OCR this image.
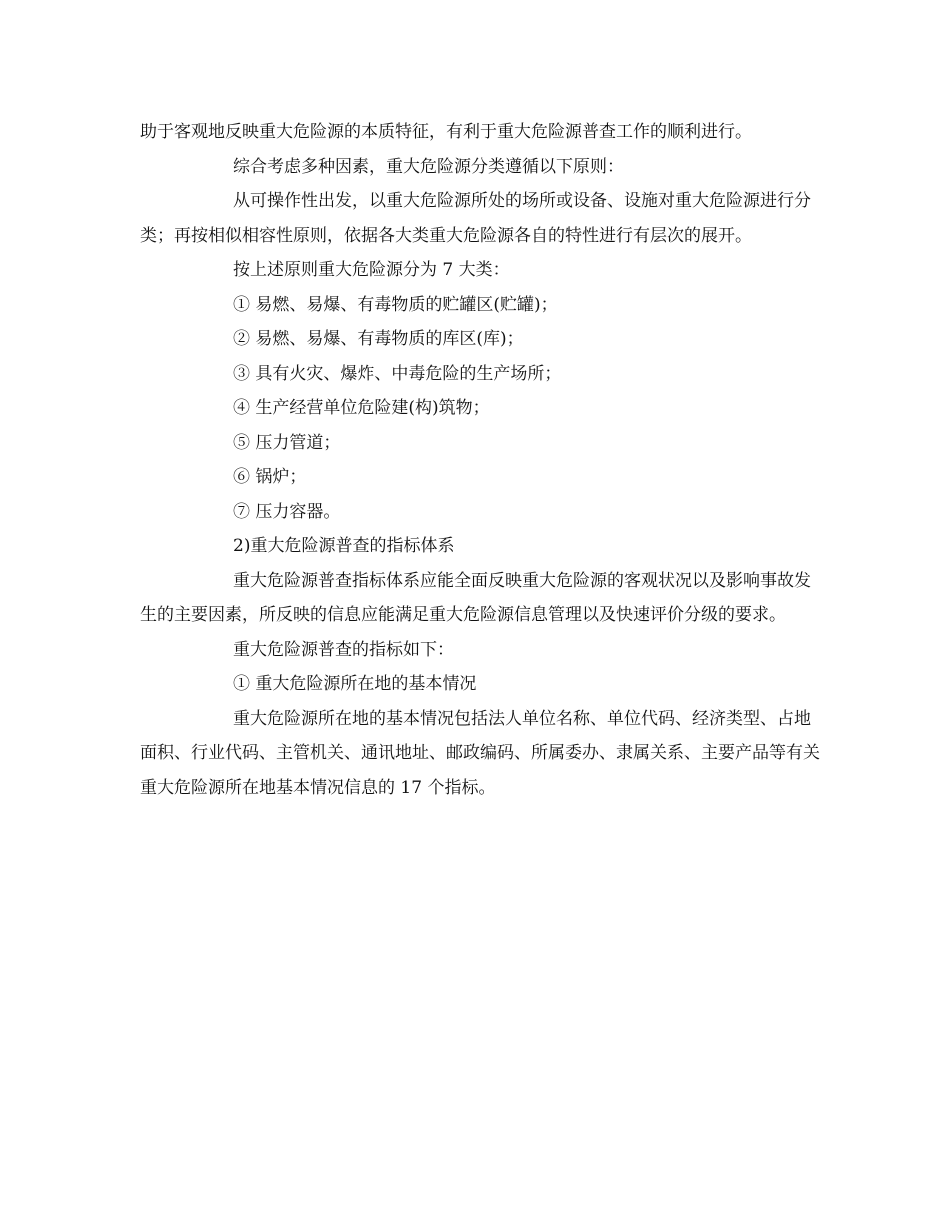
助于客观地反映重大危险源的本质特征，有利于重大危险源普查工作的顺利进行。

综合考虑多种因素，重大危险源分类遵循以下原则：

从可操作性出发，以重大危险源所处的场所或设备、设施对重大危险源进行分类；再按相似相容性原则，依据各大类重大危险源各自的特性进行有层次的展开。

按上述原则重大危险源分为 7 大类：

① 易燃、易爆、有毒物质的贮罐区(贮罐)；

② 易燃、易爆、有毒物质的库区(库)；

③ 具有火灾、爆炸、中毒危险的生产场所；

④ 生产经营单位危险建(构)筑物；

⑤ 压力管道；

⑥ 锅炉；

⑦ 压力容器。

2)重大危险源普查的指标体系

重大危险源普查指标体系应能全面反映重大危险源的客观状况以及影响事故发生的主要因素，所反映的信息应能满足重大危险源信息管理以及快速评价分级的要求。

重大危险源普查的指标如下：

① 重大危险源所在地的基本情况

重大危险源所在地的基本情况包括法人单位名称、单位代码、经济类型、占地面积、行业代码、主管机关、通讯地址、邮政编码、所属委办、隶属关系、主要产品等有关重大危险源所在地基本情况信息的 17 个指标。
